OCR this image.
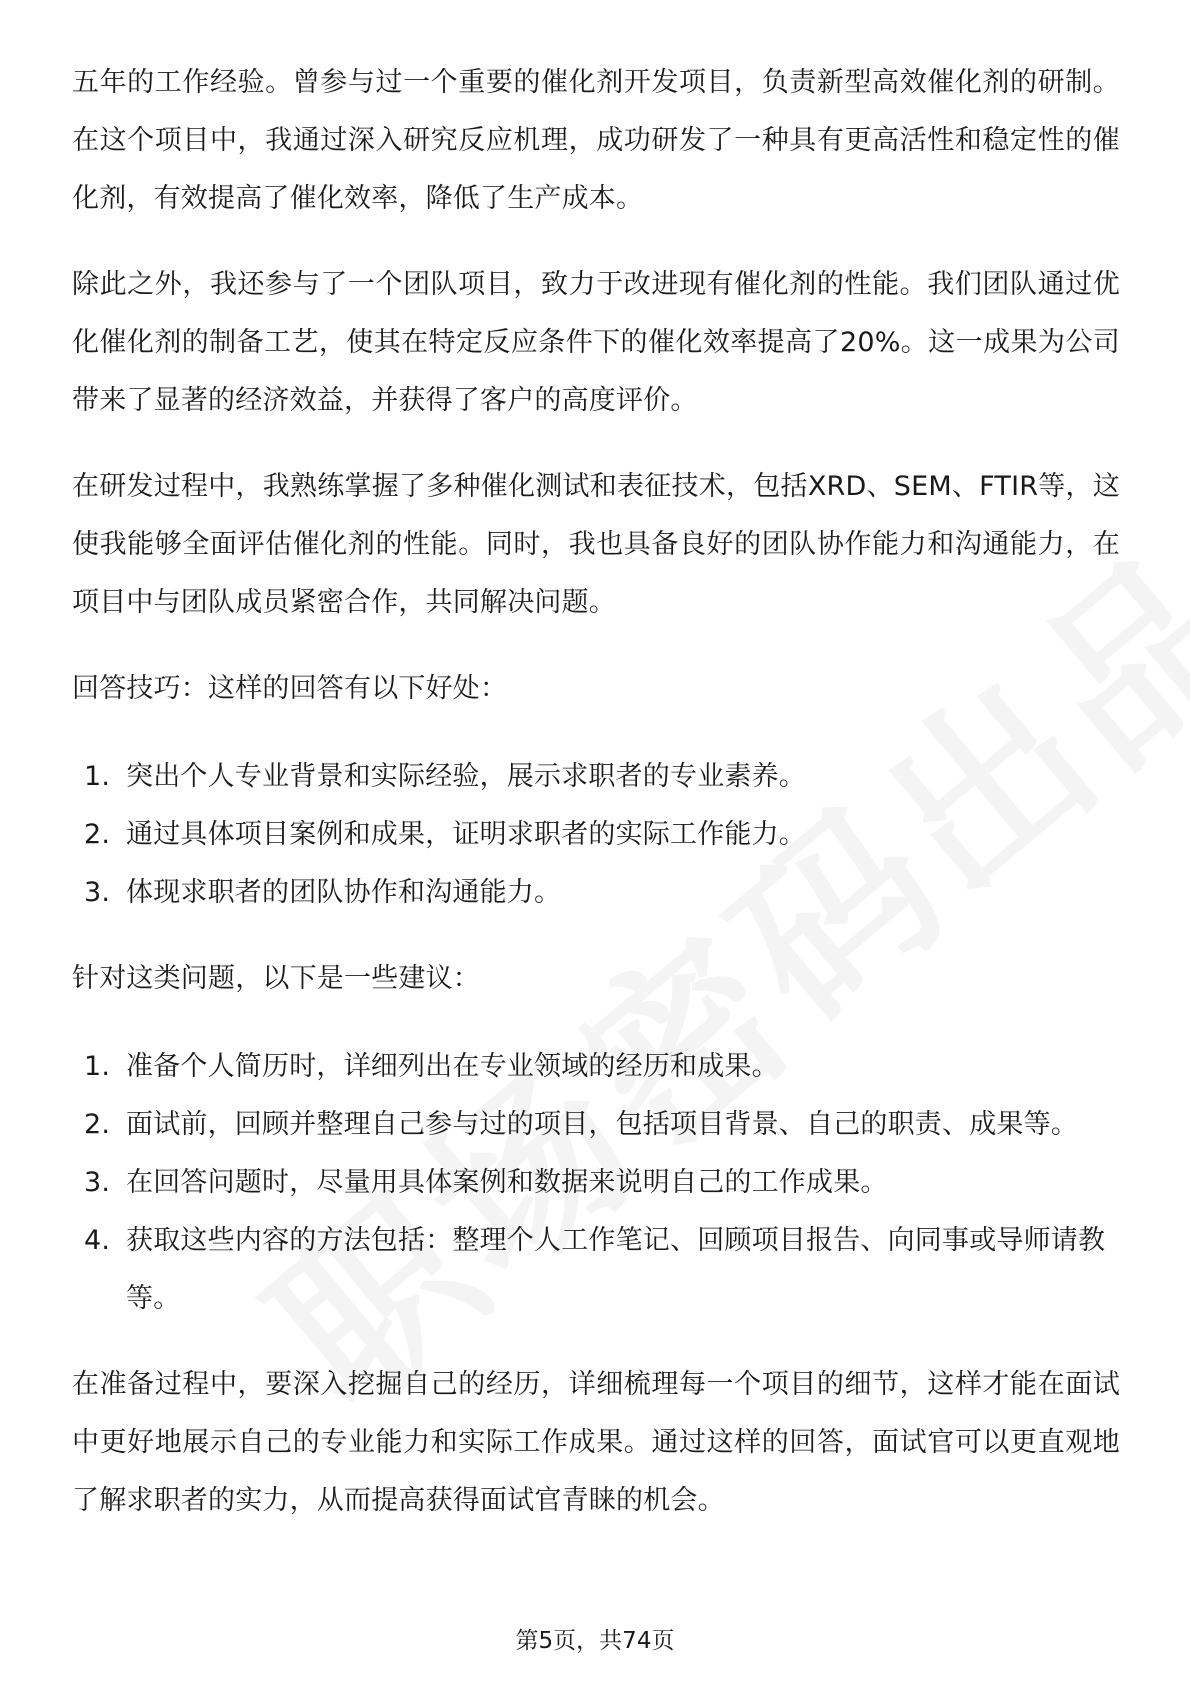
五年的工作经验。曾参与过一个重要的催化剂开发项目，负责新型高效催化剂的研制。在这个项目中，我通过深入研究反应机理，成功研发了一种具有更高活性和稳定性的催化剂，有效提高了催化效率，降低了生产成本。

除此之外，我还参与了一个团队项目，致力于改进现有催化剂的性能。我们团队通过优化催化剂的制备工艺，使其在特定反应条件下的催化效率提高了20%。这一成果为公司带来了显著的经济效益，并获得了客户的高度评价。

在研发过程中，我熟练掌握了多种催化测试和表征技术，包括XRD、SEM、FTIR等，这使我能够全面评估催化剂的性能。同时，我也具备良好的团队协作能力和沟通能力，在项目中与团队成员紧密合作，共同解决问题。

回答技巧：这样的回答有以下好处：

1. 突出个人专业背景和实际经验，展示求职者的专业素养。
2. 通过具体项目案例和成果，证明求职者的实际工作能力。
3. 体现求职者的团队协作和沟通能力。

针对这类问题，以下是一些建议：

1. 准备个人简历时，详细列出在专业领域的经历和成果。
2. 面试前，回顾并整理自己参与过的项目，包括项目背景、自己的职责、成果等。
3. 在回答问题时，尽量用具体案例和数据来说明自己的工作成果。
4. 获取这些内容的方法包括：整理个人工作笔记、回顾项目报告、向同事或导师请教等。

在准备过程中，要深入挖掘自己的经历，详细梳理每一个项目的细节，这样才能在面试中更好地展示自己的专业能力和实际工作成果。通过这样的回答，面试官可以更直观地了解求职者的实力，从而提高获得面试官青睐的机会。

第5页，共74页
